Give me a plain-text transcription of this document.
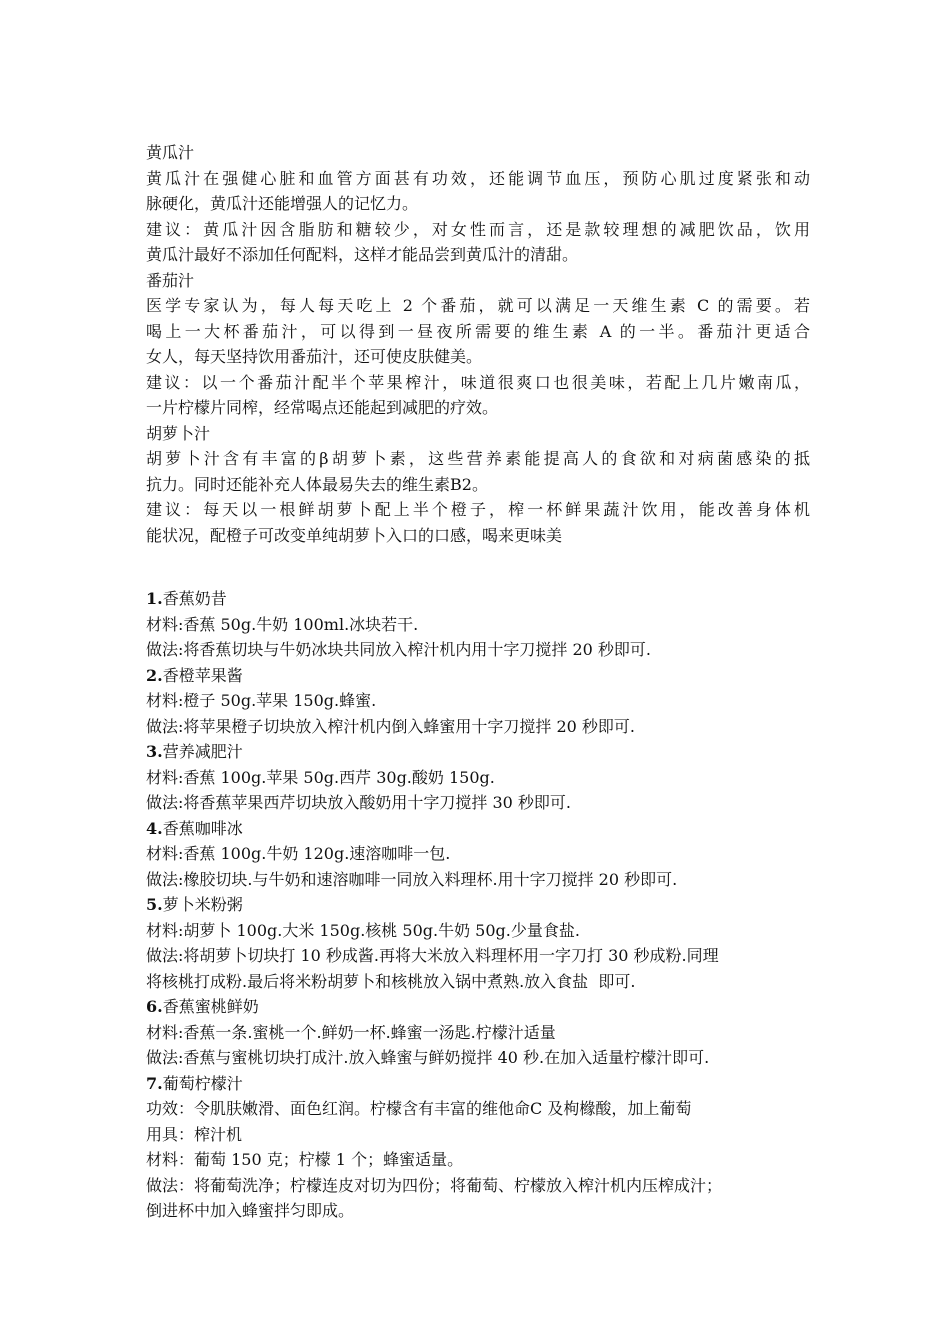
黄瓜汁
黄瓜汁在强健心脏和血管方面甚有功效，还能调节血压，预防心肌过度紧张和动
脉硬化，黄瓜汁还能增强人的记忆力。
建议：黄瓜汁因含脂肪和糖较少，对女性而言，还是款较理想的减肥饮品，饮用
黄瓜汁最好不添加任何配料，这样才能品尝到黄瓜汁的清甜。
番茄汁
医学专家认为，每人每天吃上 2 个番茄，就可以满足一天维生素 C 的需要。若
喝上一大杯番茄汁，可以得到一昼夜所需要的维生素 A 的一半。番茄汁更适合
女人，每天坚持饮用番茄汁，还可使皮肤健美。
建议：以一个番茄汁配半个苹果榨汁，味道很爽口也很美味，若配上几片嫩南瓜，
一片柠檬片同榨，经常喝点还能起到减肥的疗效。
胡萝卜汁
胡萝卜汁含有丰富的β胡萝卜素，这些营养素能提高人的食欲和对病菌感染的抵
抗力。同时还能补充人体最易失去的维生素B2。
建议：每天以一根鲜胡萝卜配上半个橙子，榨一杯鲜果蔬汁饮用，能改善身体机
能状况，配橙子可改变单纯胡萝卜入口的口感，喝来更味美
1.香蕉奶昔
材料:香蕉 50g.牛奶 100ml.冰块若干.
做法:将香蕉切块与牛奶冰块共同放入榨汁机内用十字刀搅拌 20 秒即可.
2.香橙苹果酱
材料:橙子 50g.苹果 150g.蜂蜜.
做法:将苹果橙子切块放入榨汁机内倒入蜂蜜用十字刀搅拌 20 秒即可.
3.营养减肥汁
材料:香蕉 100g.苹果 50g.西芹 30g.酸奶 150g.
做法:将香蕉苹果西芹切块放入酸奶用十字刀搅拌 30 秒即可.
4.香蕉咖啡冰
材料:香蕉 100g.牛奶 120g.速溶咖啡一包.
做法:橡胶切块.与牛奶和速溶咖啡一同放入料理杯.用十字刀搅拌 20 秒即可.
5.萝卜米粉粥
材料:胡萝卜 100g.大米 150g.核桃 50g.牛奶 50g.少量食盐.
做法:将胡萝卜切块打 10 秒成酱.再将大米放入料理杯用一字刀打 30 秒成粉.同理
将核桃打成粉.最后将米粉胡萝卜和核桃放入锅中煮熟.放入食盐  即可.
6.香蕉蜜桃鲜奶
材料:香蕉一条.蜜桃一个.鲜奶一杯.蜂蜜一汤匙.柠檬汁适量
做法:香蕉与蜜桃切块打成汁.放入蜂蜜与鲜奶搅拌 40 秒.在加入适量柠檬汁即可.
7.葡萄柠檬汁
功效：令肌肤嫩滑、面色红润。柠檬含有丰富的维他命C 及枸橼酸，加上葡萄
用具：榨汁机
材料：葡萄 150 克；柠檬 1 个；蜂蜜适量。
做法：将葡萄洗净；柠檬连皮对切为四份；将葡萄、柠檬放入榨汁机内压榨成汁；
倒进杯中加入蜂蜜拌匀即成。
